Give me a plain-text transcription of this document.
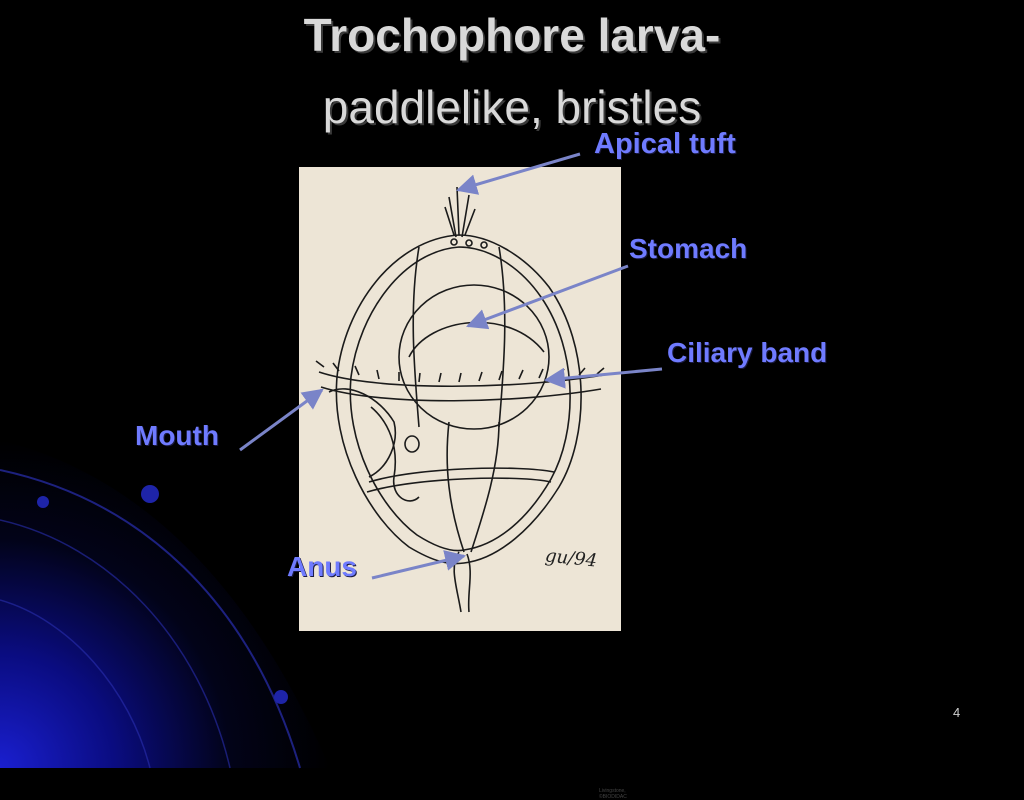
Trochophore larva-
paddlelike, bristles
Livingstone, ©BIODIDAC
gu/94
Apical tuft
Stomach
Ciliary band
Mouth
Anus
4
